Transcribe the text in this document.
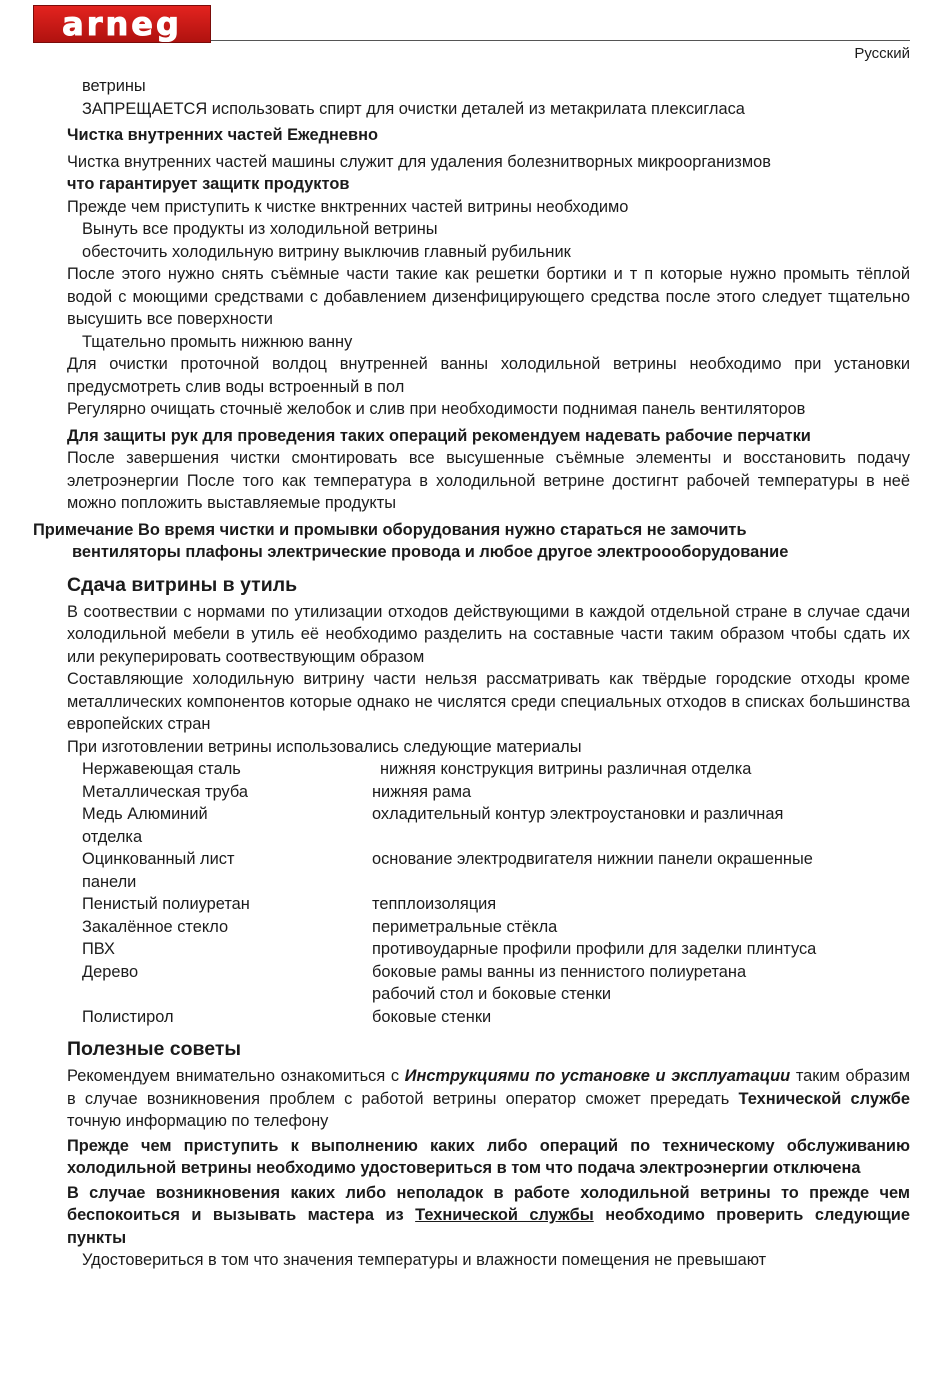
arneg
Русский

ветрины

ЗАПРЕЩАЕТСЯ использовать спирт для очистки деталей из метакрилата плексигласа

Чистка внутренних частей Ежедневно

Чистка внутренних частей машины служит для удаления болезнитворных микроорганизмов
что гарантирует защитк продуктов

Прежде чем приступить к чистке внктренних частей витрины необходимо

Вынуть все продукты из холодильной ветрины

обесточить холодильную витрину выключив главный рубильник

После этого нужно снять съёмные части такие как решетки бортики и т п которые нужно промыть тёплой водой с моющими средствами с добавлением дизенфицирующего средства после этого следует тщательно высушить все поверхности

Тщательно промыть нижнюю ванну

Для очистки проточной волдоц внутренней ванны холодильной ветрины необходимо при установки предусмотреть слив воды встроенный в пол

Регулярно очищать сточныё желобок и слив при необходимости поднимая панель вентиляторов

Для защиты рук для проведения таких операций рекомендуем надевать рабочие перчатки

После завершения чистки смонтировать все высушенные съёмные элементы и восстановить подачу элетроэнергии После того как температура в холодильной ветрине достигнт рабочей температуры в неё можно попложить выставляемые продукты

Примечание Во время чистки и промывки оборудования нужно стараться не замочить

вентиляторы плафоны электрические провода и любое другое электроооборудование

Сдача витрины в утиль

В соотвествии с нормами по утилизации отходов действующими в каждой отдельной стране в случае сдачи холодильной мебели в утиль её необходимо разделить на составные части таким образом чтобы сдать их или рекуперировать соотвествующим образом

Составляющие холодильную витрину части нельзя рассматривать как твёрдые городские отходы кроме металлических компонентов которые однако не числятся среди специальных отходов в списках большинства европейских стран

При изготовлении ветрины использовались следующие материалы

Нержавеющая сталь	нижняя конструкция витрины различная отделка
Металлическая труба	нижняя рама
Медь Алюминий	охладительный контур электроустановки и различная
отделка	
Оцинкованный лист	основание электродвигателя нижнии панели окрашенные
панели	
Пенистый полиуретан	тепплоизоляция
Закалённое стекло	периметральные стёкла
ПВХ	противоударные профили профили для заделки плинтуса
Дерево	боковые рамы ванны из пеннистого полиуретана
	рабочий стол и боковые стенки
Полистирол	боковые стенки

Полезные советы

Рекомендуем внимательно ознакомиться с Инструкциями по установке и эксплуатации таким образим в случае возникновения проблем с работой ветрины оператор сможет прередать Технической службе точную информацию по телефону

Прежде чем приступить к выполнению каких либо операций по техническому обслуживанию холодильной ветрины необходимо удостовериться в том что подача электроэнергии отключена

В случае возникновения каких либо неполадок в работе холодильной ветрины то прежде чем беспокоиться и вызывать мастера из Технической службы необходимо проверить следующие пункты

Удостовериться в том что значения температуры и влажности помещения не превышают
